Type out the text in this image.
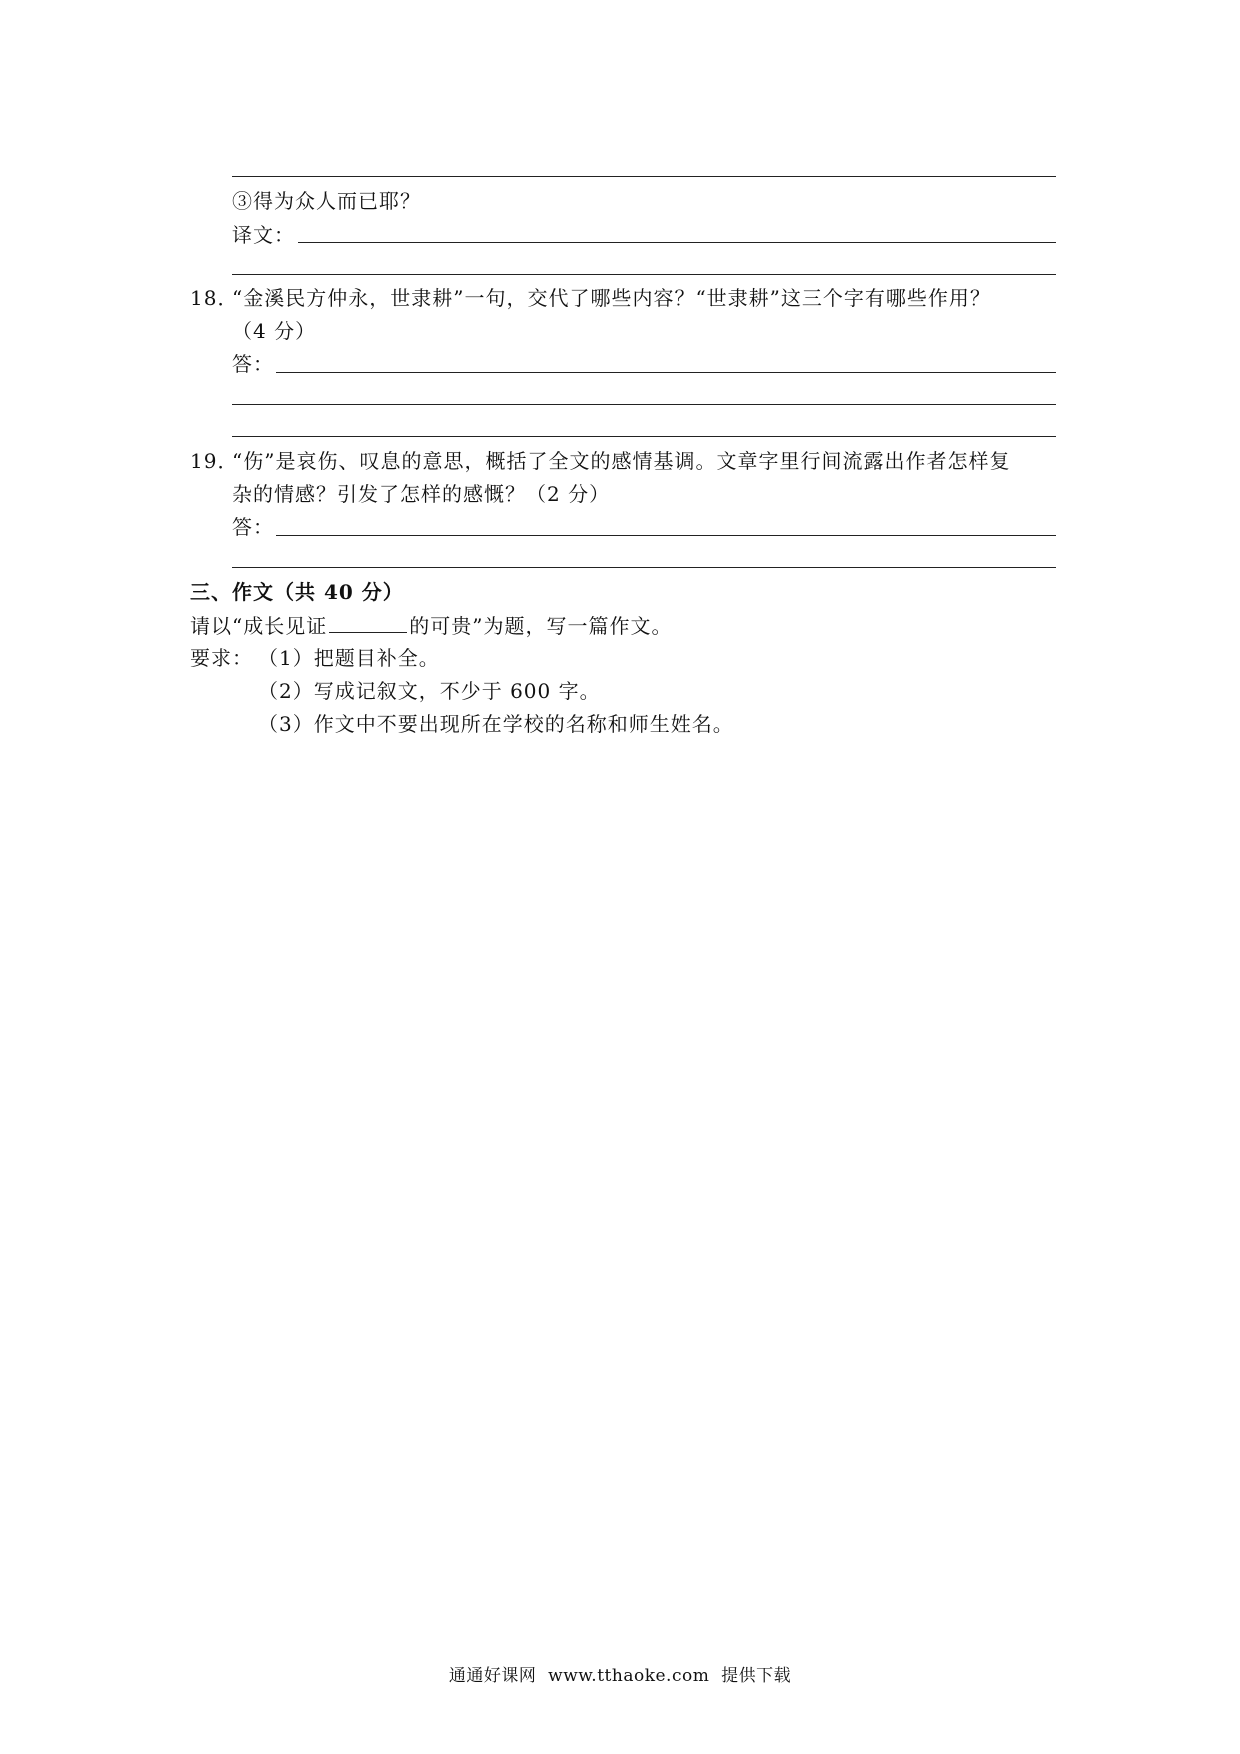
③得为众人而已耶？
译文：
18．
“金溪民方仲永，世隶耕”一句，交代了哪些内容？“世隶耕”这三个字有哪些作用？
（4 分）
答：
19．
“伤”是哀伤、叹息的意思，概括了全文的感情基调。文章字里行间流露出作者怎样复
杂的情感？引发了怎样的感慨？（2 分）
答：
三、作文（共 40 分）
请以“成长见证	的可贵”为题，写一篇作文。
要求： （1）把题目补全。
（2）写成记叙文，不少于 600 字。
（3）作文中不要出现所在学校的名称和师生姓名。
通通好课网  www.tthaoke.com  提供下载
